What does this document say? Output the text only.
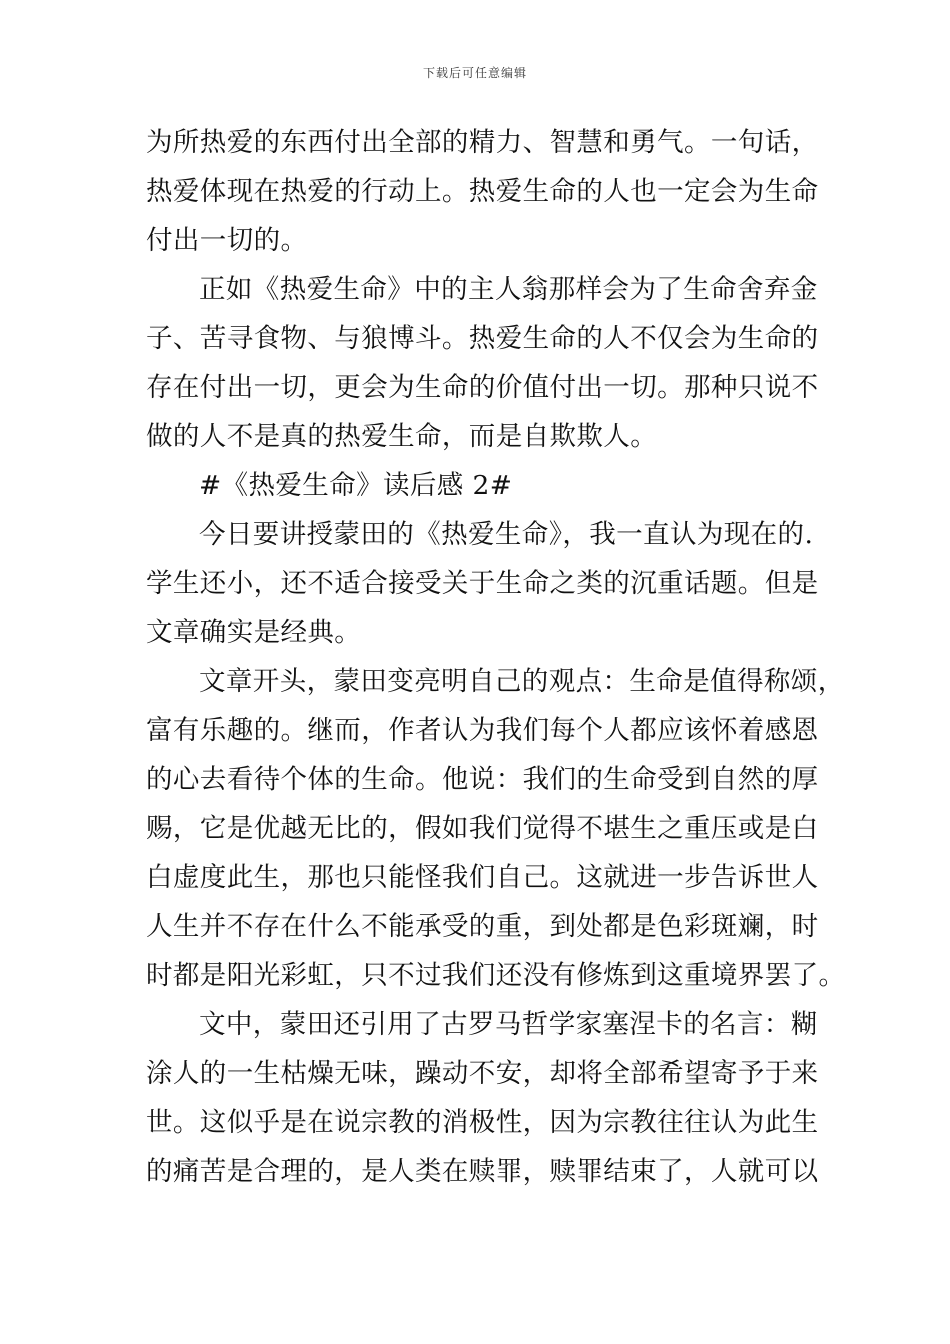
下载后可任意编辑
为所热爱的东西付出全部的精力、智慧和勇气。一句话，
热爱体现在热爱的行动上。热爱生命的人也一定会为生命
付出一切的。
正如《热爱生命》中的主人翁那样会为了生命舍弃金
子、苦寻食物、与狼博斗。热爱生命的人不仅会为生命的
存在付出一切，更会为生命的价值付出一切。那种只说不
做的人不是真的热爱生命，而是自欺欺人。
#《热爱生命》读后感 2#
今日要讲授蒙田的《热爱生命》，我一直认为现在的.
学生还小，还不适合接受关于生命之类的沉重话题。但是
文章确实是经典。
文章开头，蒙田变亮明自己的观点：生命是值得称颂，
富有乐趣的。继而，作者认为我们每个人都应该怀着感恩
的心去看待个体的生命。他说：我们的生命受到自然的厚
赐，它是优越无比的，假如我们觉得不堪生之重压或是白
白虚度此生，那也只能怪我们自己。这就进一步告诉世人
人生并不存在什么不能承受的重，到处都是色彩斑斓，时
时都是阳光彩虹，只不过我们还没有修炼到这重境界罢了。
文中，蒙田还引用了古罗马哲学家塞涅卡的名言：糊
涂人的一生枯燥无味，躁动不安，却将全部希望寄予于来
世。这似乎是在说宗教的消极性，因为宗教往往认为此生
的痛苦是合理的，是人类在赎罪，赎罪结束了，人就可以
